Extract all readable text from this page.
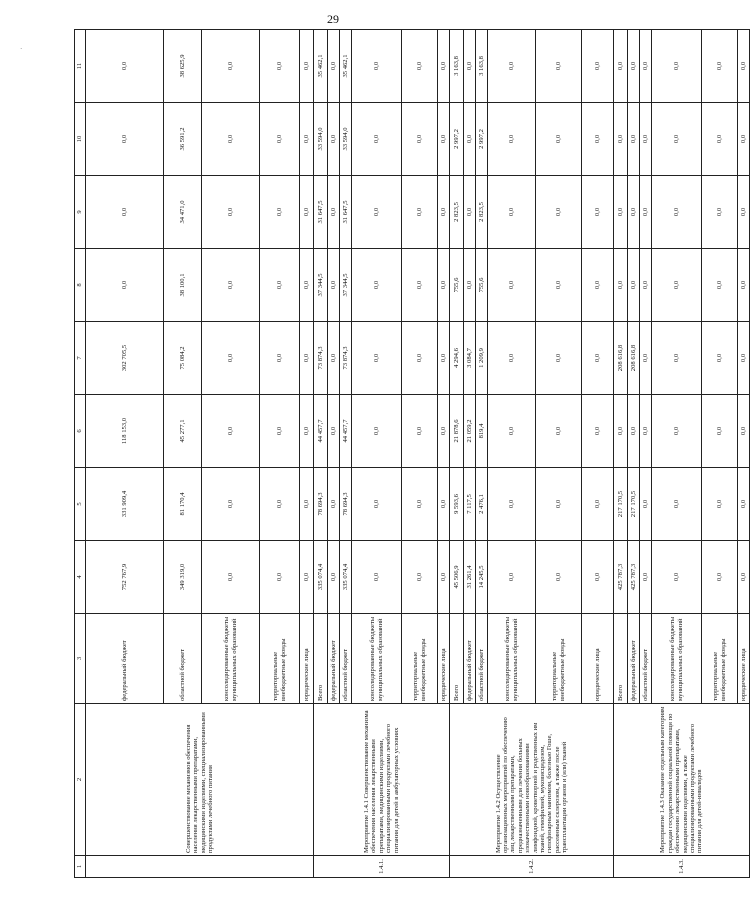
29
1	2	3	4	5	6	7	8	9	10	11
	Совершенствование механизмов обеспечения населения лекарственными препаратами, медицинскими изделиями, специализированными продуктами лечебного питания	федеральный бюджет	752 767,9	331 909,4	118 153,0	302 705,5	0,0	0,0	0,0	0,0
		областной бюджет	349 319,0	81 170,4	45 277,1	75 084,2	38 100,1	34 471,0	36 591,2	38 625,9
		консолидированные бюджеты муниципальных образований	0,0	0,0	0,0	0,0	0,0	0,0	0,0	0,0
		территориальные внебюджетные фонды	0,0	0,0	0,0	0,0	0,0	0,0	0,0	0,0
		юридические лица	0,0	0,0	0,0	0,0	0,0	0,0	0,0	0,0
1.4.1.	Мероприятие 1.4.1 Совершенствование механизма обеспечения населения лекарственными препаратами, медицинскими изделиями, специализированными продуктами лечебного питания для детей в амбулаторных условиях	Всего	335 074,4	78 694,3	44 457,7	73 874,3	37 344,5	31 647,5	33 594,0	35 462,1
		федеральный бюджет	0,0	0,0	0,0	0,0	0,0	0,0	0,0	0,0
		областной бюджет	335 074,4	78 694,3	44 457,7	73 874,3	37 344,5	31 647,5	33 594,0	35 462,1
		консолидированные бюджеты муниципальных образований	0,0	0,0	0,0	0,0	0,0	0,0	0,0	0,0
		территориальные внебюджетные фонды	0,0	0,0	0,0	0,0	0,0	0,0	0,0	0,0
		юридические лица	0,0	0,0	0,0	0,0	0,0	0,0	0,0	0,0
1.4.2.	Мероприятие 1.4.2 Осуществление организационных мероприятий по обеспечению лиц лекарственными препаратами, предназначенными для лечения больных злокачественными новообразованиями лимфоидной, кроветворной и родственных им тканей, гемофилией, муковисцидозом, гипофизарным нанизмом, болезнью Гоше, рассеянным склерозом, а также после трансплантации органов и (или) тканей	Всего	45 506,9	9 593,6	21 878,6	4 294,6	755,6	2 823,5	2 997,2	3 163,8
		федеральный бюджет	31 261,4	7 117,5	21 059,2	3 084,7	0,0	0,0	0,0	0,0
		областной бюджет	14 245,5	2 476,1	819,4	1 209,9	755,6	2 823,5	2 997,2	3 163,8
		консолидированные бюджеты муниципальных образований	0,0	0,0	0,0	0,0	0,0	0,0	0,0	0,0
		территориальные внебюджетные фонды	0,0	0,0	0,0	0,0	0,0	0,0	0,0	0,0
		юридические лица	0,0	0,0	0,0	0,0	0,0	0,0	0,0	0,0
1.4.3.	Мероприятие 1.4.3 Оказание отдельным категориям граждан государственной социальной помощи по обеспечению лекарственными препаратами, медицинскими изделиями, а также специализированными продуктами лечебного питания для детей-инвалидов	Всего	425 787,3	217 170,5	0,0	208 616,8	0,0	0,0	0,0	0,0
		федеральный бюджет	425 787,3	217 170,5	0,0	208 616,8	0,0	0,0	0,0	0,0
		областной бюджет	0,0	0,0	0,0	0,0	0,0	0,0	0,0	0,0
		консолидированные бюджеты муниципальных образований	0,0	0,0	0,0	0,0	0,0	0,0	0,0	0,0
		территориальные внебюджетные фонды	0,0	0,0	0,0	0,0	0,0	0,0	0,0	0,0
		юридические лица	0,0	0,0	0,0	0,0	0,0	0,0	0,0	0,0
·
